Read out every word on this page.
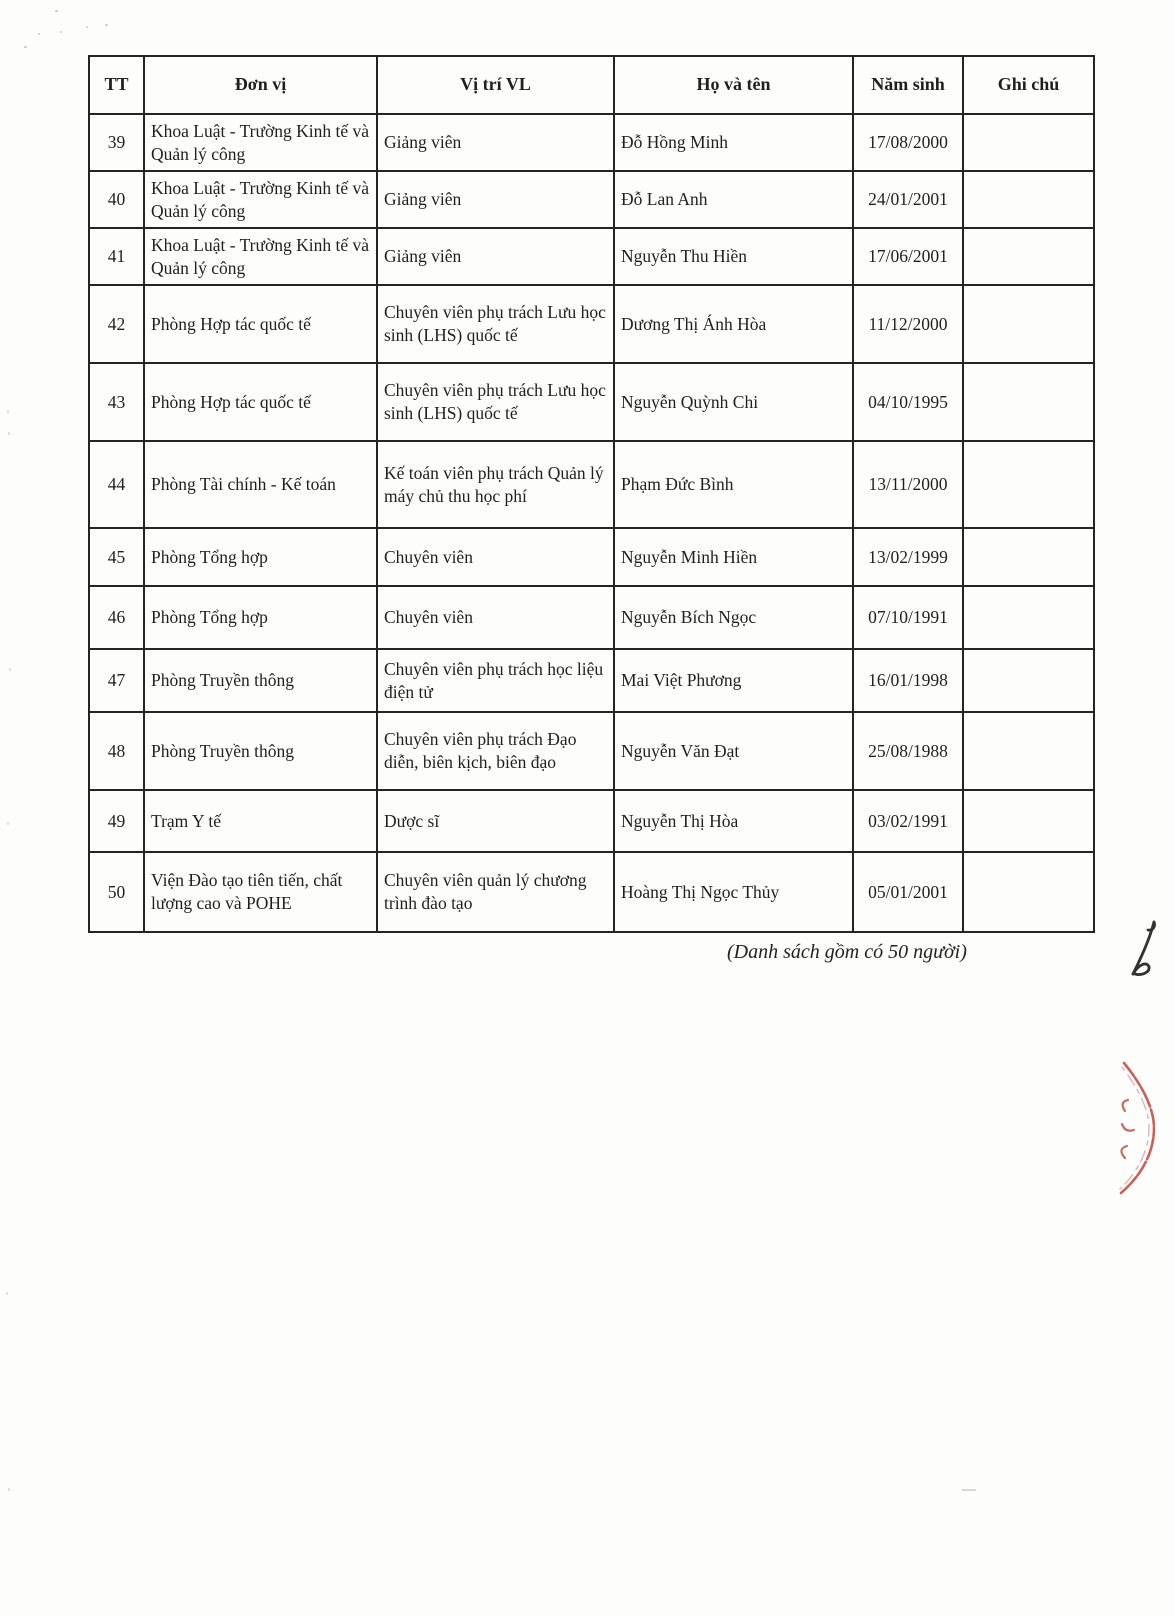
TT	Đơn vị	Vị trí VL	Họ và tên	Năm sinh	Ghi chú
39	Khoa Luật - Trường Kinh tế và Quản lý công	Giảng viên	Đỗ Hồng Minh	17/08/2000	
40	Khoa Luật - Trường Kinh tế và Quản lý công	Giảng viên	Đỗ Lan Anh	24/01/2001	
41	Khoa Luật - Trường Kinh tế và Quản lý công	Giảng viên	Nguyễn Thu Hiền	17/06/2001	
42	Phòng Hợp tác quốc tế	Chuyên viên phụ trách Lưu học sinh (LHS) quốc tế	Dương Thị Ánh Hòa	11/12/2000	
43	Phòng Hợp tác quốc tế	Chuyên viên phụ trách Lưu học sinh (LHS) quốc tế	Nguyễn Quỳnh Chi	04/10/1995	
44	Phòng Tài chính - Kế toán	Kế toán viên phụ trách Quản lý máy chủ thu học phí	Phạm Đức Bình	13/11/2000	
45	Phòng Tổng hợp	Chuyên viên	Nguyễn Minh Hiền	13/02/1999	
46	Phòng Tổng hợp	Chuyên viên	Nguyễn Bích Ngọc	07/10/1991	
47	Phòng Truyền thông	Chuyên viên phụ trách học liệu điện tử	Mai Việt Phương	16/01/1998	
48	Phòng Truyền thông	Chuyên viên phụ trách Đạo diễn, biên kịch, biên đạo	Nguyễn Văn Đạt	25/08/1988	
49	Trạm Y tế	Dược sĩ	Nguyễn Thị Hòa	03/02/1991	
50	Viện Đào tạo tiên tiến, chất lượng cao và POHE	Chuyên viên quản lý chương trình đào tạo	Hoàng Thị Ngọc Thủy	05/01/2001	
(Danh sách gồm có 50 người)
